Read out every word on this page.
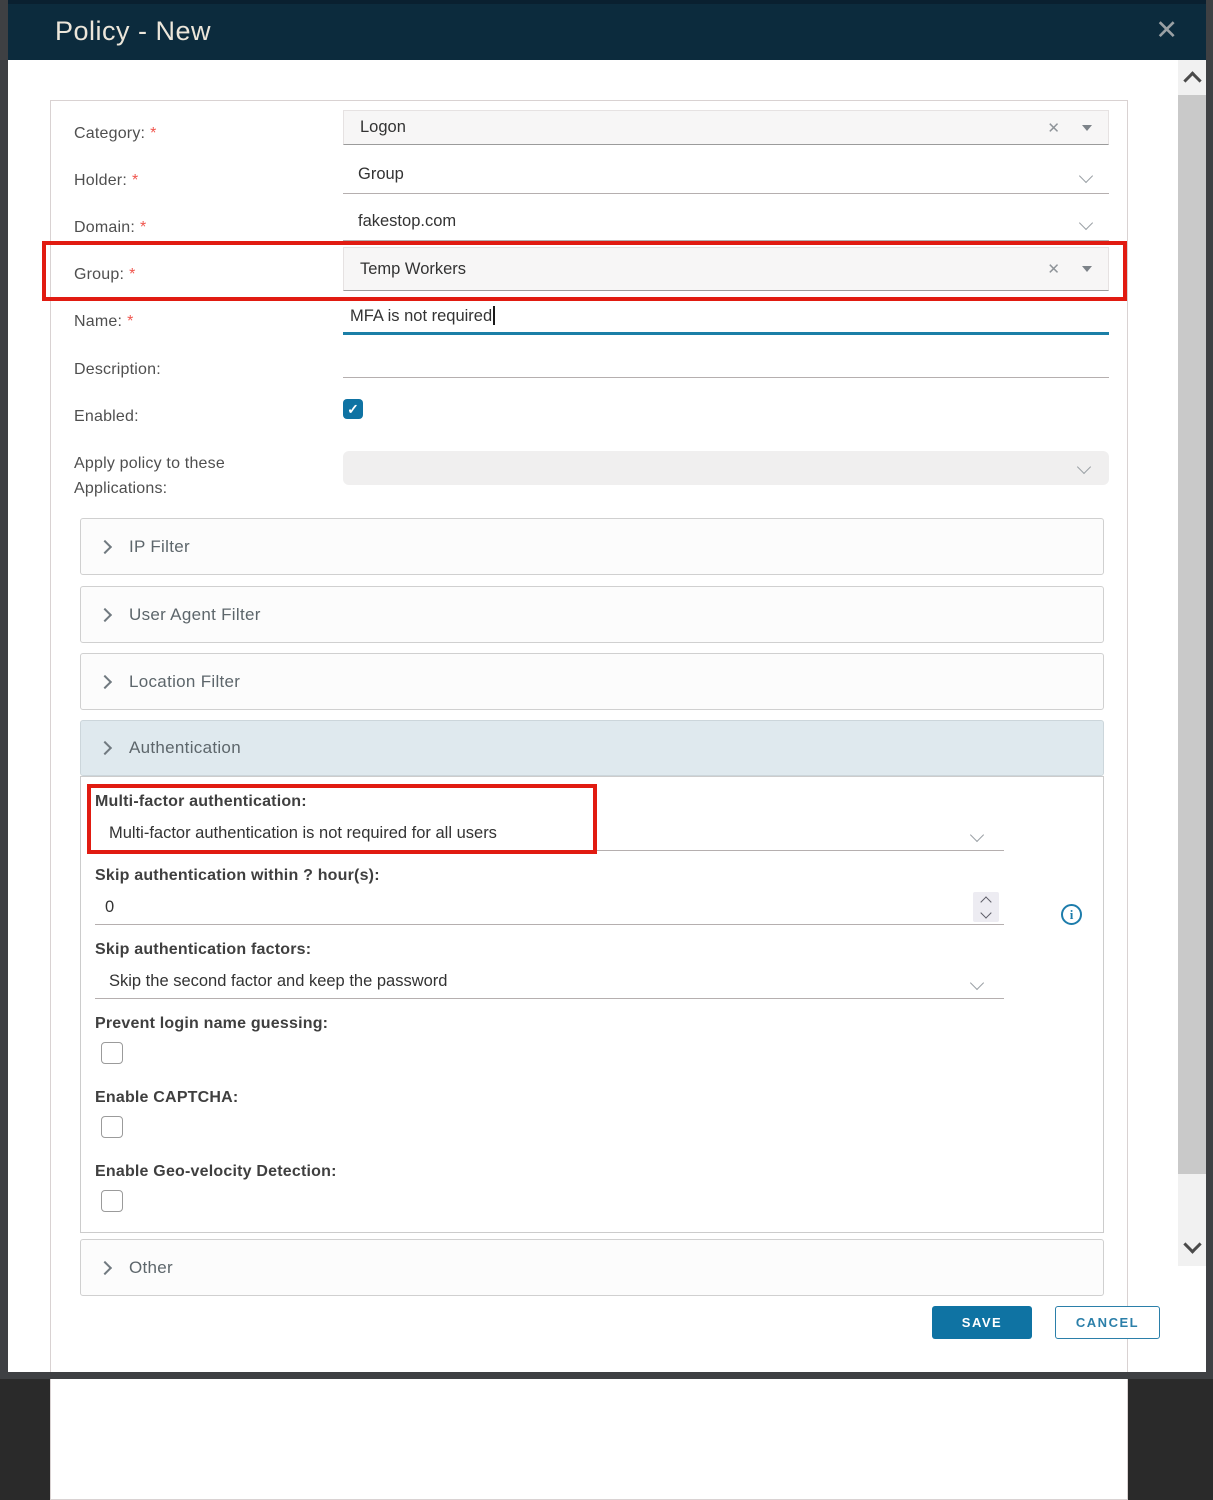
Policy - New	✕
Category: *	Logon	✕
Holder: *	Group
Domain: *	fakestop.com
Group: *	Temp Workers	✕
Name: *	MFA is not required
Description:
Enabled:	✓
Apply policy to these
Applications:
IP Filter
User Agent Filter
Location Filter
Authentication
Multi-factor authentication:
Multi-factor authentication is not required for all users
Skip authentication within ? hour(s):
0	i
Skip authentication factors:
Skip the second factor and keep the password
Prevent login name guessing:
Enable CAPTCHA:
Enable Geo-velocity Detection:
Other
SAVE	CANCEL
